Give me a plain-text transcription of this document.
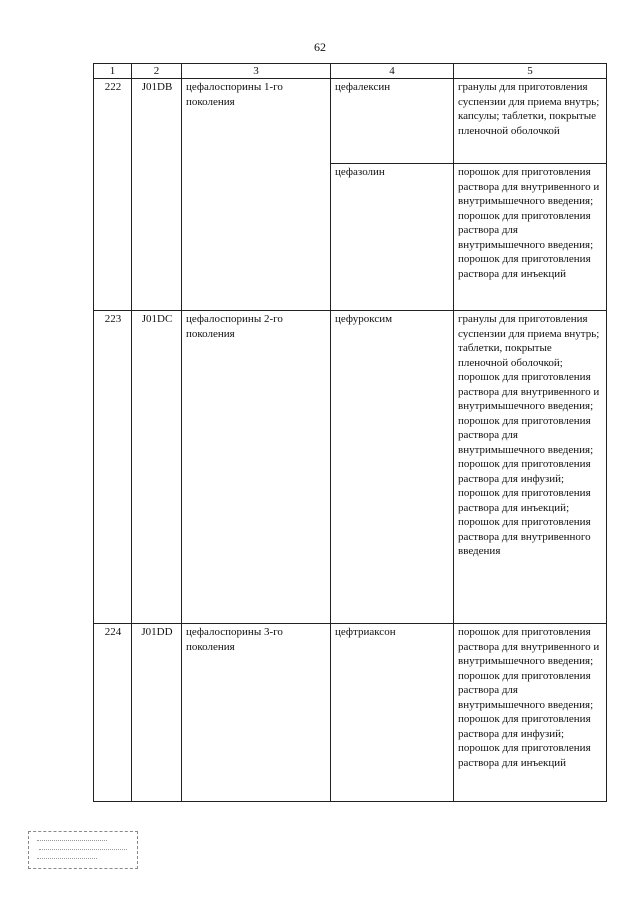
62
1	2	3	4	5
222	J01DB	цефалоспорины 1-го поколения	цефалексин	гранулы для приготовления суспензии для приема внутрь; капсулы; таблетки, покрытые пленочной оболочкой
			цефазолин	порошок для приготовления раствора для внутривенного и внутримышечного введения; порошок для приготовления раствора для внутримышечного введения; порошок для приготовления раствора для инъекций
223	J01DC	цефалоспорины 2-го поколения	цефуроксим	гранулы для приготовления суспензии для приема внутрь; таблетки, покрытые пленочной оболочкой; порошок для приготовления раствора для внутривенного и внутримышечного введения; порошок для приготовления раствора для внутримышечного введения; порошок для приготовления раствора для инфузий; порошок для приготовления раствора для инъекций; порошок для приготовления раствора для внутривенного введения
224	J01DD	цефалоспорины 3-го поколения	цефтриаксон	порошок для приготовления раствора для внутривенного и внутримышечного введения; порошок для приготовления раствора для внутримышечного введения; порошок для приготовления раствора для инфузий; порошок для приготовления раствора для инъекций
